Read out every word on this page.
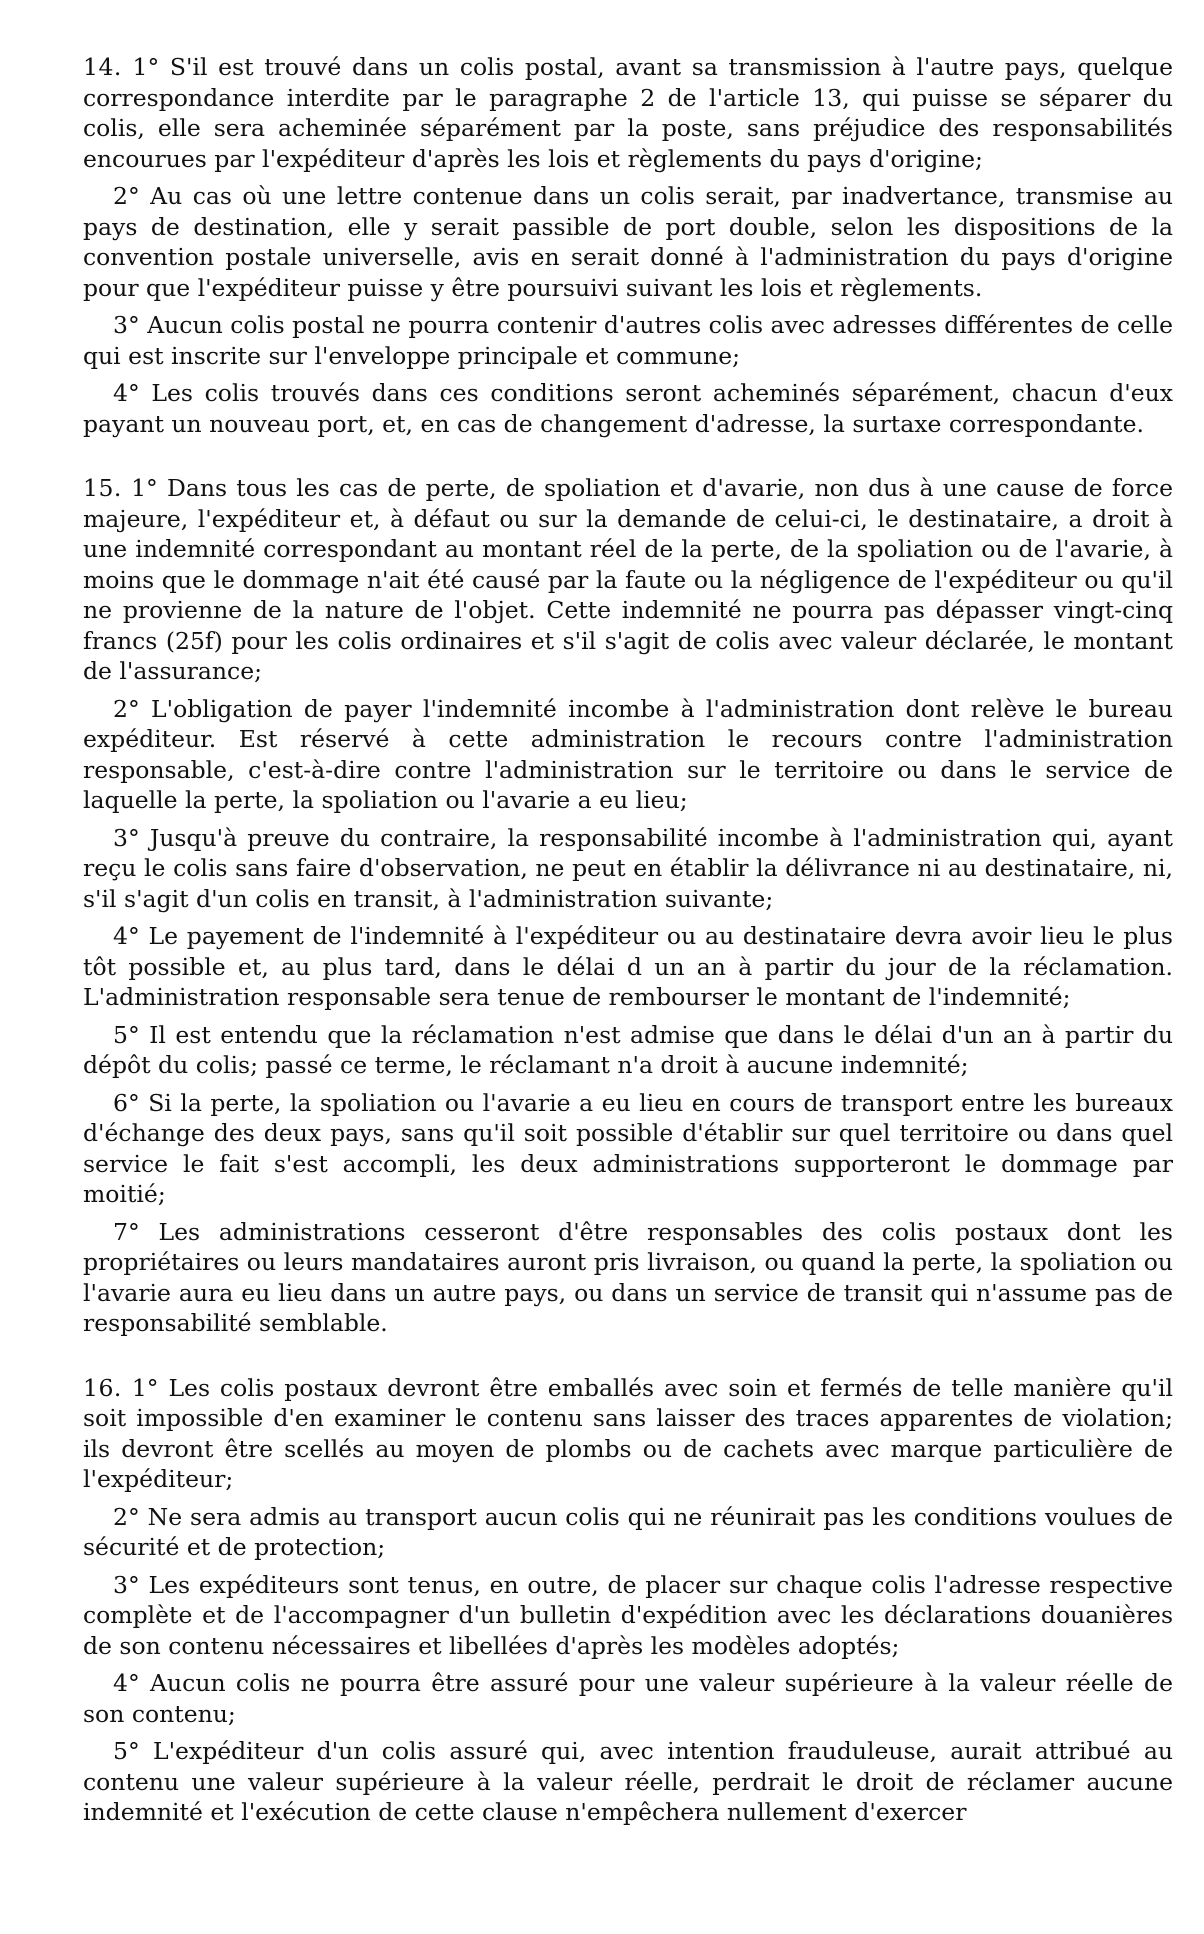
14. 1° S'il est trouvé dans un colis postal, avant sa transmission à l'autre pays, quelque correspondance interdite par le paragraphe 2 de l'article 13, qui puisse se séparer du colis, elle sera acheminée séparément par la poste, sans préjudice des responsabilités encourues par l'expéditeur d'après les lois et règlements du pays d'origine;

2° Au cas où une lettre contenue dans un colis serait, par inadvertance, transmise au pays de destination, elle y serait passible de port double, selon les dispositions de la convention postale universelle, avis en serait donné à l'administration du pays d'origine pour que l'expéditeur puisse y être poursuivi suivant les lois et règlements.

3° Aucun colis postal ne pourra contenir d'autres colis avec adresses différentes de celle qui est inscrite sur l'enveloppe principale et commune;

4° Les colis trouvés dans ces conditions seront acheminés séparément, chacun d'eux payant un nouveau port, et, en cas de changement d'adresse, la surtaxe correspondante.

15. 1° Dans tous les cas de perte, de spoliation et d'avarie, non dus à une cause de force majeure, l'expéditeur et, à défaut ou sur la demande de celui-ci, le destinataire, a droit à une indemnité correspondant au montant réel de la perte, de la spoliation ou de l'avarie, à moins que le dommage n'ait été causé par la faute ou la négligence de l'expéditeur ou qu'il ne provienne de la nature de l'objet. Cette indemnité ne pourra pas dépasser vingt-cinq francs (25f) pour les colis ordinaires et s'il s'agit de colis avec valeur déclarée, le montant de l'assurance;

2° L'obligation de payer l'indemnité incombe à l'administration dont relève le bureau expéditeur. Est réservé à cette administration le recours contre l'administration responsable, c'est-à-dire contre l'administration sur le territoire ou dans le service de laquelle la perte, la spoliation ou l'avarie a eu lieu;

3° Jusqu'à preuve du contraire, la responsabilité incombe à l'administration qui, ayant reçu le colis sans faire d'observation, ne peut en établir la délivrance ni au destinataire, ni, s'il s'agit d'un colis en transit, à l'administration suivante;

4° Le payement de l'indemnité à l'expéditeur ou au destinataire devra avoir lieu le plus tôt possible et, au plus tard, dans le délai d un an à partir du jour de la réclamation. L'administration responsable sera tenue de rembourser le montant de l'indemnité;

5° Il est entendu que la réclamation n'est admise que dans le délai d'un an à partir du dépôt du colis; passé ce terme, le réclamant n'a droit à aucune indemnité;

6° Si la perte, la spoliation ou l'avarie a eu lieu en cours de transport entre les bureaux d'échange des deux pays, sans qu'il soit possible d'établir sur quel territoire ou dans quel service le fait s'est accompli, les deux administrations supporteront le dommage par moitié;

7° Les administrations cesseront d'être responsables des colis postaux dont les propriétaires ou leurs mandataires auront pris livraison, ou quand la perte, la spoliation ou l'avarie aura eu lieu dans un autre pays, ou dans un service de transit qui n'assume pas de responsabilité semblable.

16. 1° Les colis postaux devront être emballés avec soin et fermés de telle manière qu'il soit impossible d'en examiner le contenu sans laisser des traces apparentes de violation; ils devront être scellés au moyen de plombs ou de cachets avec marque particulière de l'expéditeur;

2° Ne sera admis au transport aucun colis qui ne réunirait pas les conditions voulues de sécurité et de protection;

3° Les expéditeurs sont tenus, en outre, de placer sur chaque colis l'adresse respective complète et de l'accompagner d'un bulletin d'expédition avec les déclarations douanières de son contenu nécessaires et libellées d'après les modèles adoptés;

4° Aucun colis ne pourra être assuré pour une valeur supérieure à la valeur réelle de son contenu;

5° L'expéditeur d'un colis assuré qui, avec intention frauduleuse, aurait attribué au contenu une valeur supérieure à la valeur réelle, perdrait le droit de réclamer aucune indemnité et l'exécution de cette clause n'empêchera nullement d'exercer
